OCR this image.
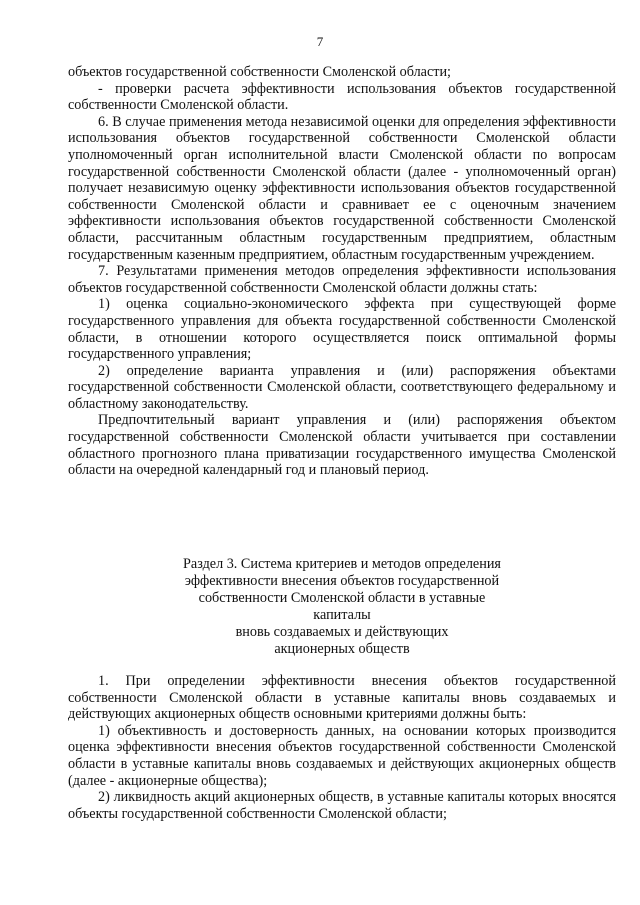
7

объектов государственной собственности Смоленской области;

- проверки расчета эффективности использования объектов государственной собственности Смоленской области.

6. В случае применения метода независимой оценки для определения эффективности использования объектов государственной собственности Смоленской области уполномоченный орган исполнительной власти Смоленской области по вопросам государственной собственности Смоленской области (далее - уполномоченный орган) получает независимую оценку эффективности использования объектов государственной собственности Смоленской области и сравнивает ее с оценочным значением эффективности использования объектов государственной собственности Смоленской области, рассчитанным областным государственным предприятием, областным государственным казенным предприятием, областным государственным учреждением.

7. Результатами применения методов определения эффективности использования объектов государственной собственности Смоленской области должны стать:

1) оценка социально-экономического эффекта при существующей форме государственного управления для объекта государственной собственности Смоленской области, в отношении которого осуществляется поиск оптимальной формы государственного управления;

2) определение варианта управления и (или) распоряжения объектами государственной собственности Смоленской области, соответствующего федеральному и областному законодательству.

Предпочтительный вариант управления и (или) распоряжения объектом государственной собственности Смоленской области учитывается при составлении областного прогнозного плана приватизации государственного имущества Смоленской области на очередной календарный год и плановый период.

Раздел 3. Система критериев и методов определения
эффективности внесения объектов государственной
собственности Смоленской области в уставные
капиталы
вновь создаваемых и действующих
акционерных обществ

1. При определении эффективности внесения объектов государственной собственности Смоленской области в уставные капиталы вновь создаваемых и действующих акционерных обществ основными критериями должны быть:

1) объективность и достоверность данных, на основании которых производится оценка эффективности внесения объектов государственной собственности Смоленской области в уставные капиталы вновь создаваемых и действующих акционерных обществ (далее - акционерные общества);

2) ликвидность акций акционерных обществ, в уставные капиталы которых вносятся объекты государственной собственности Смоленской области;
